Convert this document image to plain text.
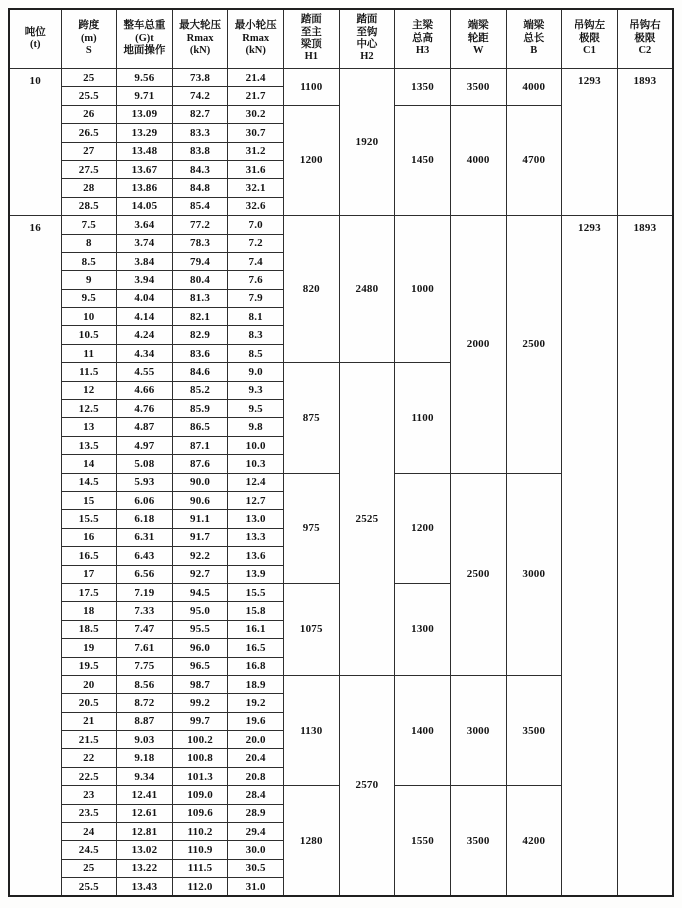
吨位
(t)

跨度
(m)
S

整车总重
(G)t
地面操作

最大轮压
Rmax
(kN)

最小轮压
Rmax
(kN)

踏面
至主
梁顶
H1

踏面
至钩
中心
H2

主梁
总高
H3

端梁
轮距
W

端梁
总长
B

吊钩左
极限
C1

吊钩右
极限
C2

10	25	9.56	73.8	21.4	1100	1920	1350	3500	4000	1293	1893
	25.5	9.71	74.2	21.7							
	26	13.09	82.7	30.2	1200		1450	4000	4700		
	26.5	13.29	83.3	30.7							
	27	13.48	83.8	31.2							
	27.5	13.67	84.3	31.6							
	28	13.86	84.8	32.1							
	28.5	14.05	85.4	32.6							
16	7.5	3.64	77.2	7.0	820	2480	1000	2000	2500	1293	1893
	8	3.74	78.3	7.2							
	8.5	3.84	79.4	7.4							
	9	3.94	80.4	7.6							
	9.5	4.04	81.3	7.9							
	10	4.14	82.1	8.1							
	10.5	4.24	82.9	8.3							
	11	4.34	83.6	8.5							
	11.5	4.55	84.6	9.0	875	2525	1100				
	12	4.66	85.2	9.3							
	12.5	4.76	85.9	9.5							
	13	4.87	86.5	9.8							
	13.5	4.97	87.1	10.0							
	14	5.08	87.6	10.3							
	14.5	5.93	90.0	12.4	975		1200	2500	3000		
	15	6.06	90.6	12.7							
	15.5	6.18	91.1	13.0							
	16	6.31	91.7	13.3							
	16.5	6.43	92.2	13.6							
	17	6.56	92.7	13.9							
	17.5	7.19	94.5	15.5	1075		1300				
	18	7.33	95.0	15.8							
	18.5	7.47	95.5	16.1							
	19	7.61	96.0	16.5							
	19.5	7.75	96.5	16.8							
	20	8.56	98.7	18.9	1130	2570	1400	3000	3500		
	20.5	8.72	99.2	19.2							
	21	8.87	99.7	19.6							
	21.5	9.03	100.2	20.0							
	22	9.18	100.8	20.4							
	22.5	9.34	101.3	20.8							
	23	12.41	109.0	28.4	1280		1550	3500	4200		
	23.5	12.61	109.6	28.9							
	24	12.81	110.2	29.4							
	24.5	13.02	110.9	30.0							
	25	13.22	111.5	30.5							
	25.5	13.43	112.0	31.0							
